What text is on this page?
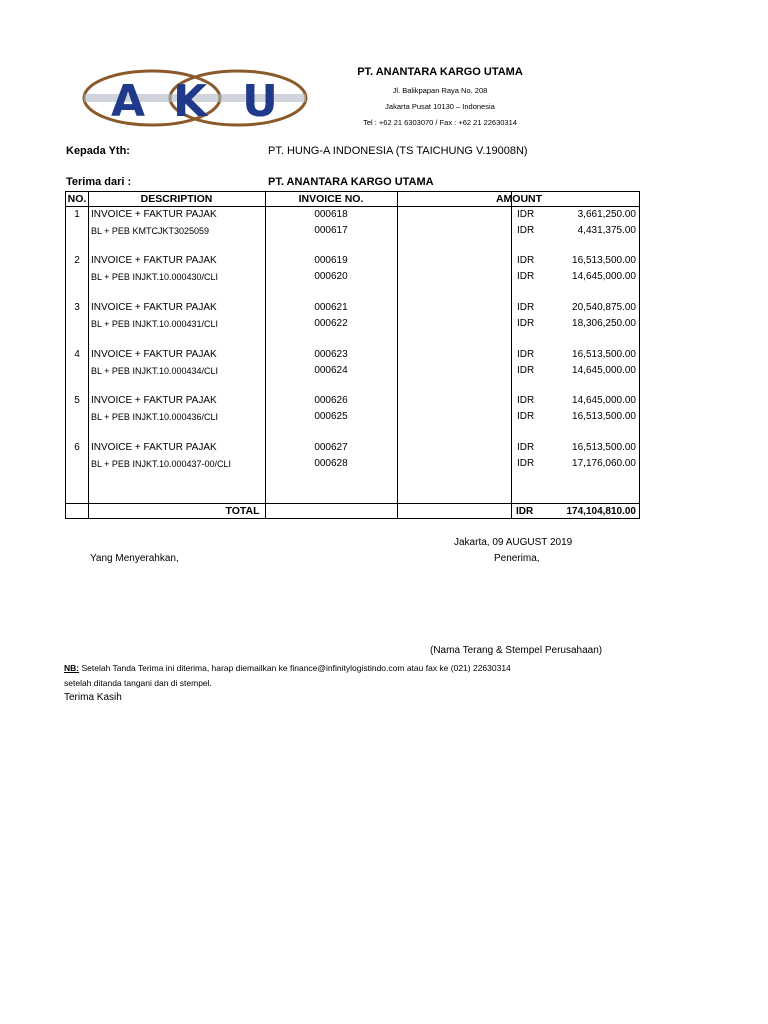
A K U
PT. ANANTARA KARGO UTAMA
Jl. Balikpapan Raya No. 208
Jakarta Pusat 10130 – Indonesia
Tel : +62 21 6303070 / Fax : +62 21 22630314
Kepada Yth:	PT. HUNG-A INDONESIA (TS TAICHUNG V.19008N)
Terima dari :	PT. ANANTARA KARGO UTAMA
NO.	DESCRIPTION	INVOICE NO.	AMOUNT
1	INVOICE + FAKTUR PAJAK	000618	IDR	3,661,250.00
BL + PEB KMTCJKT3025059	000617	IDR	4,431,375.00
2	INVOICE + FAKTUR PAJAK	000619	IDR	16,513,500.00
BL + PEB INJKT.10.000430/CLI	000620	IDR	14,645,000.00
3	INVOICE + FAKTUR PAJAK	000621	IDR	20,540,875.00
BL + PEB INJKT.10.000431/CLI	000622	IDR	18,306,250.00
4	INVOICE + FAKTUR PAJAK	000623	IDR	16,513,500.00
BL + PEB INJKT.10.000434/CLI	000624	IDR	14,645,000.00
5	INVOICE + FAKTUR PAJAK	000626	IDR	14,645,000.00
BL + PEB INJKT.10.000436/CLI	000625	IDR	16,513,500.00
6	INVOICE + FAKTUR PAJAK	000627	IDR	16,513,500.00
BL + PEB INJKT.10.000437-00/CLI	000628	IDR	17,176,060.00
TOTAL	IDR	174,104,810.00
Jakarta, 09 AUGUST 2019
Yang Menyerahkan,	Penerima,
(Nama Terang & Stempel Perusahaan)
NB: Setelah Tanda Terima ini diterima, harap diemailkan ke finance@infinitylogistindo.com atau fax ke (021) 22630314
setelah ditanda tangani dan di stempel.
Terima Kasih
